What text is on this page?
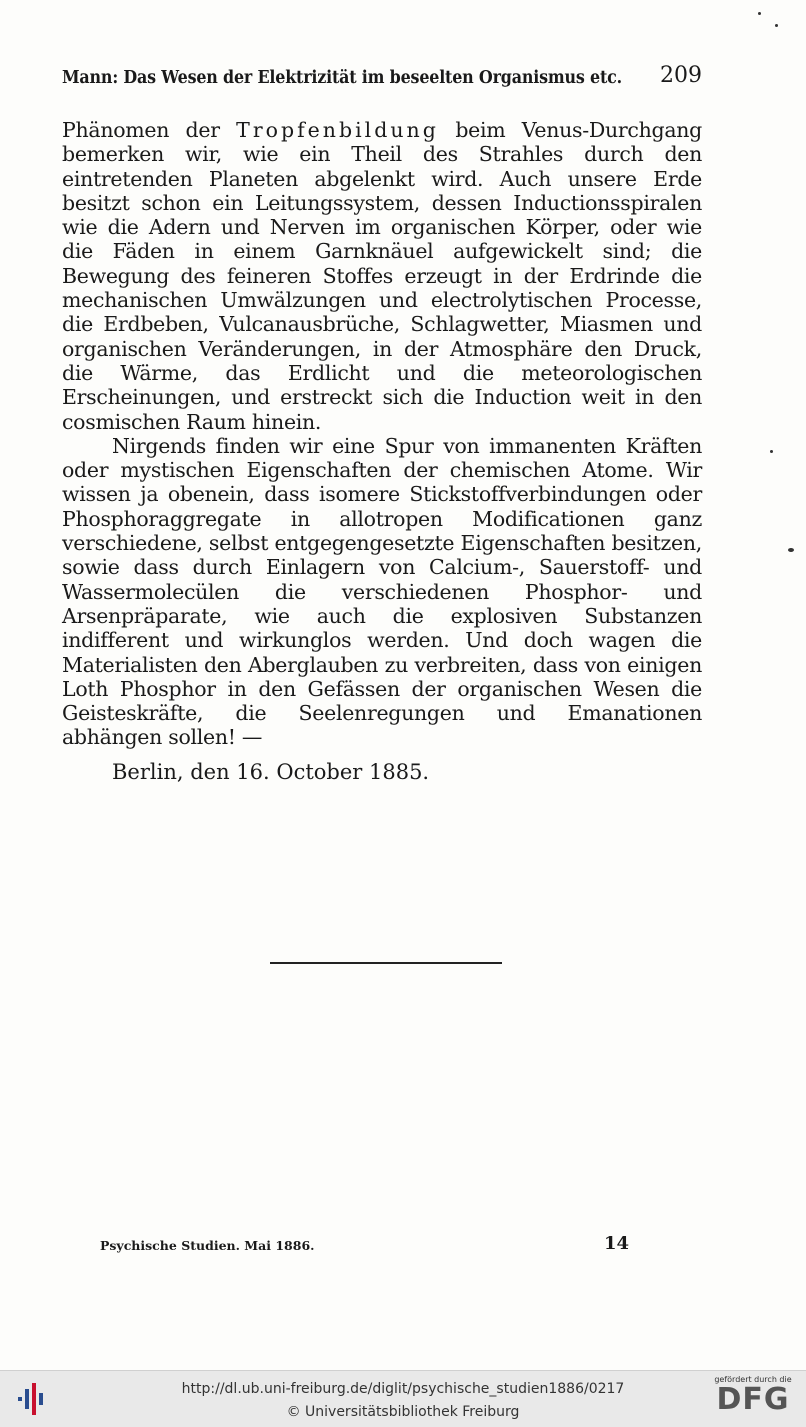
Mann: Das Wesen der Elektrizität im beseelten Organismus etc. 209

Phänomen der Tropfenbildung beim Venus-Durchgang bemerken wir, wie ein Theil des Strahles durch den eintretenden Planeten abgelenkt wird. Auch unsere Erde besitzt schon ein Leitungssystem, dessen Inductionsspiralen wie die Adern und Nerven im organischen Körper, oder wie die Fäden in einem Garnknäuel aufgewickelt sind; die Bewegung des feineren Stoffes erzeugt in der Erdrinde die mechanischen Umwälzungen und electrolytischen Processe, die Erdbeben, Vulcanausbrüche, Schlagwetter, Miasmen und organischen Veränderungen, in der Atmosphäre den Druck, die Wärme, das Erdlicht und die meteorologischen Erscheinungen, und erstreckt sich die Induction weit in den cosmischen Raum hinein.

Nirgends finden wir eine Spur von immanenten Kräften oder mystischen Eigenschaften der chemischen Atome. Wir wissen ja obenein, dass isomere Stickstoffverbindungen oder Phosphoraggregate in allotropen Modificationen ganz verschiedene, selbst entgegengesetzte Eigenschaften besitzen, sowie dass durch Einlagern von Calcium-, Sauerstoff- und Wassermolecülen die verschiedenen Phosphor- und Arsenpräparate, wie auch die explosiven Substanzen indifferent und wirkunglos werden. Und doch wagen die Materialisten den Aberglauben zu verbreiten, dass von einigen Loth Phosphor in den Gefässen der organischen Wesen die Geisteskräfte, die Seelenregungen und Emanationen abhängen sollen! —

Berlin, den 16. October 1885.
Psychische Studien. Mai 1886.	14
http://dl.ub.uni-freiburg.de/diglit/psychische_studien1886/0217
© Universitätsbibliothek Freiburg
gefördert durch die
DFG
